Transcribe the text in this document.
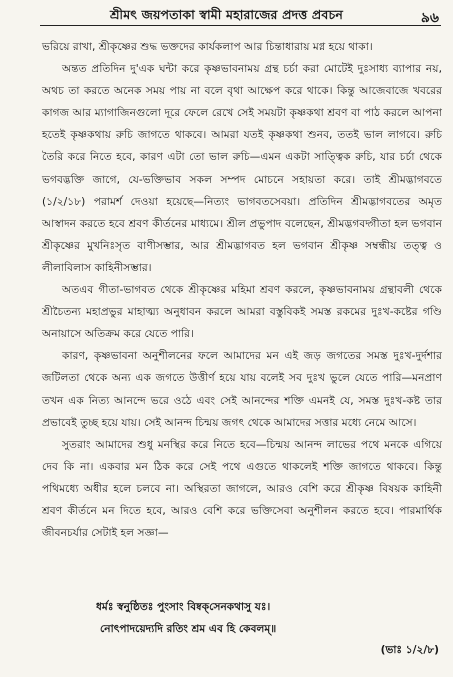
শ্রীমৎ জয়পতাকা স্বামী মহারাজের প্রদত্ত প্রবচন	৯৬

ভরিয়ে রাখা, শ্রীকৃষ্ণের শুদ্ধ ভক্তদের কার্যকলাপ আর চিন্তাধারায় মগ্ন হয়ে থাকা।

অন্তত প্রতিদিন দু'এক ঘন্টা করে কৃষ্ণভাবনাময় গ্রন্থ চর্চা করা মোটেই দুঃসাধ্য ব্যাপার নয়, অথচ তা করতে অনেক সময় পায় না বলে বৃথা আক্ষেপ করে থাকে। কিন্তু আজেবাজে খবরের কাগজ আর ম্যাগাজিনগুলো দূরে ফেলে রেখে সেই সময়টা কৃষ্ণকথা শ্রবণ বা পাঠ করলে আপনা হতেই কৃষ্ণকথায় রুচি জাগতে থাকবে। আমরা যতই কৃষ্ণকথা শুনব, ততই ভাল লাগবে। রুচি তৈরি করে নিতে হবে, কারণ এটা তো ভাল রুচি—এমন একটা সাত্ত্বিক রুচি, যার চর্চা থেকে ভগবদ্ভক্তি জাগে, যে-ভক্তিভাব সকল সম্পদ মোচনে সহায়তা করে। তাই শ্রীমদ্ভাগবতে (১/২/১৮) পরামর্শ দেওয়া হয়েছে—নিত্যং ভাগবতসেবয়া। প্রতিদিন শ্রীমদ্ভাগবতের অমৃত আস্বাদন করতে হবে শ্রবণ কীর্তনের মাধ্যমে। শ্রীল প্রভুপাদ বলেছেন, শ্রীমদ্ভগবদ্গীতা হল ভগবান শ্রীকৃষ্ণের মুখনিঃসৃত বাণীসম্ভার, আর শ্রীমদ্ভাগবত হল ভগবান শ্রীকৃষ্ণ সম্বন্ধীয় তত্ত্ব ও লীলাবিলাস কাহিনীসম্ভার।

অতএব গীতা-ভাগবত থেকে শ্রীকৃষ্ণের মহিমা শ্রবণ করলে, কৃষ্ণভাবনাময় গ্রন্থাবলী থেকে শ্রীচৈতন্য মহাপ্রভুর মাহাত্ম্য অনুধাবন করলে আমরা বস্তুবিকই সমস্ত রকমের দুঃখ-কষ্টের গণ্ডি অনায়াসে অতিক্রম করে যেতে পারি।

কারণ, কৃষ্ণভাবনা অনুশীলনের ফলে আমাদের মন এই জড় জগতের সমস্ত দুঃখ-দুর্দশার জটিলতা থেকে অন্য এক জগতে উত্তীর্ণ হয়ে যায় বলেই সব দুঃখ ভুলে যেতে পারি—মনপ্রাণ তখন এক নিত্য আনন্দে ভরে ওঠে এবং সেই আনন্দের শক্তি এমনই যে, সমস্ত দুঃখ-কষ্ট তার প্রভাবেই তুচ্ছ হয়ে যায়। সেই আনন্দ চিন্ময় জগৎ থেকে আমাদের সত্তার মধ্যে নেমে আসে।

সুতরাং আমাদের শুধু মনস্থির করে নিতে হবে—চিন্ময় আনন্দ লাভের পথে মনকে এগিয়ে দেব কি না। একবার মন ঠিক করে সেই পথে এগুতে থাকলেই শক্তি জাগতে থাকবে। কিন্তু পথিমধ্যে অধীর হলে চলবে না। অস্থিরতা জাগলে, আরও বেশি করে শ্রীকৃষ্ণ বিষয়ক কাহিনী শ্রবণ কীর্তনে মন দিতে হবে, আরও বেশি করে ভক্তিসেবা অনুশীলন করতে হবে। পারমার্থিক জীবনচর্যার সেটাই হল সজ্ঞা—

ধর্মঃ স্বনুষ্ঠিতঃ পুংসাং বিষ্বক্‌সেনকথাসু যঃ।
নোৎপাদয়েদ্যদি রতিং শ্রম এব হি কেবলম্‌॥
(ভাঃ ১/২/৮)
